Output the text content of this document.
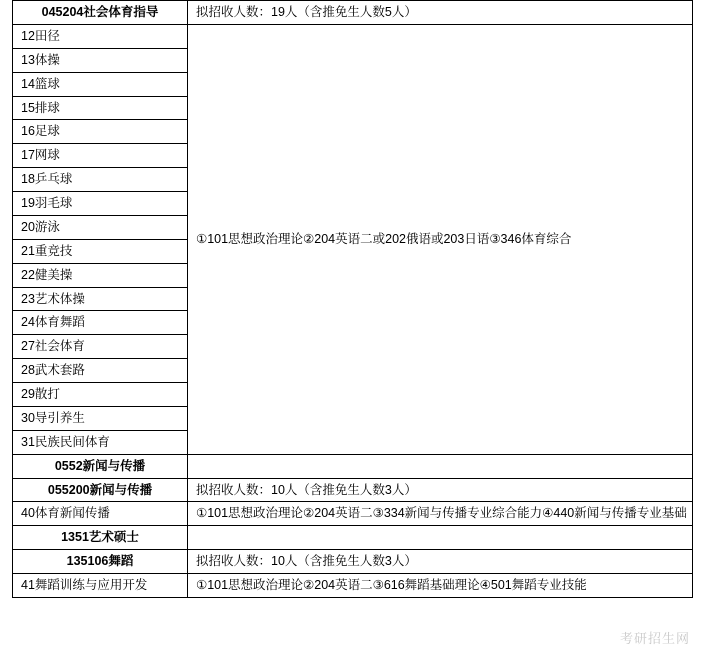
045204社会体育指导	拟招收人数：19人（含推免生人数5人）
12田径	①101思想政治理论②204英语二或202俄语或203日语③346体育综合
13体操	
14篮球	
15排球	
16足球	
17网球	
18乒乓球	
19羽毛球	
20游泳	
21重竞技	
22健美操	
23艺术体操	
24体育舞蹈	
27社会体育	
28武术套路	
29散打	
30导引养生	
31民族民间体育	
0552新闻与传播	
055200新闻与传播	拟招收人数：10人（含推免生人数3人）
40体育新闻传播	①101思想政治理论②204英语二③334新闻与传播专业综合能力④440新闻与传播专业基础
1351艺术硕士	
135106舞蹈	拟招收人数：10人（含推免生人数3人）
41舞蹈训练与应用开发	①101思想政治理论②204英语二③616舞蹈基础理论④501舞蹈专业技能
考研招生网
